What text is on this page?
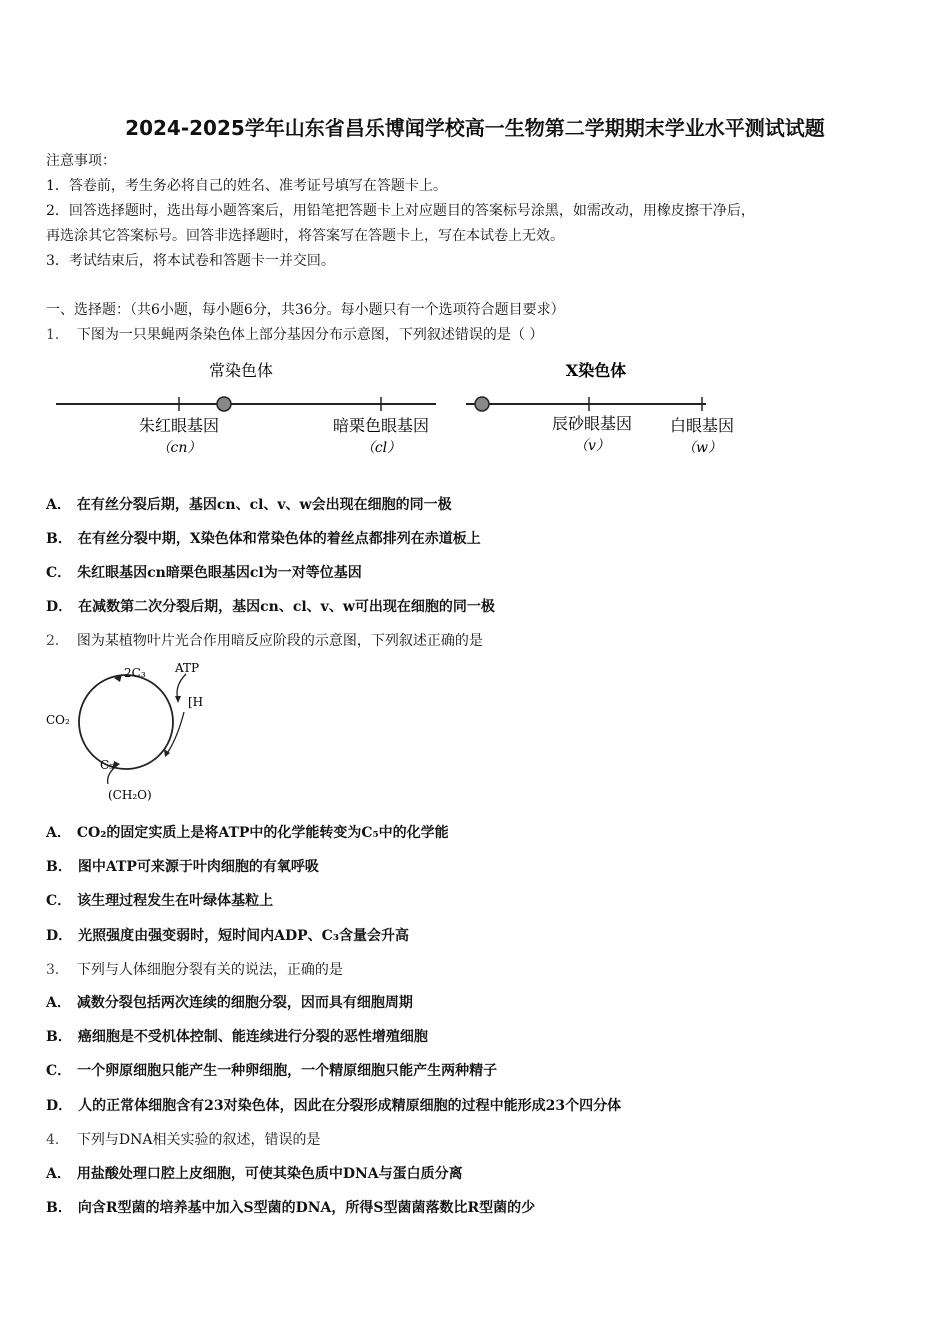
2024-2025学年山东省昌乐博闻学校高一生物第二学期期末学业水平测试试题
注意事项：
1．答卷前，考生务必将自己的姓名、准考证号填写在答题卡上。
2．回答选择题时，选出每小题答案后，用铅笔把答题卡上对应题目的答案标号涂黑，如需改动，用橡皮擦干净后，
再选涂其它答案标号。回答非选择题时，将答案写在答题卡上，写在本试卷上无效。
3．考试结束后，将本试卷和答题卡一并交回。
一、选择题：（共6小题，每小题6分，共36分。每小题只有一个选项符合题目要求）
1． 下图为一只果蝇两条染色体上部分基因分布示意图，下列叙述错误的是（ ）
常染色体	X染色体
朱红眼基因
（cn）
暗栗色眼基因
（cl）
辰砂眼基因
（v）
白眼基因
（w）
A． 在有丝分裂后期，基因cn、cl、v、w会出现在细胞的同一极
B． 在有丝分裂中期，X染色体和常染色体的着丝点都排列在赤道板上
C． 朱红眼基因cn暗栗色眼基因cl为一对等位基因
D． 在减数第二次分裂后期，基因cn、cl、v、w可出现在细胞的同一极
2． 图为某植物叶片光合作用暗反应阶段的示意图，下列叙述正确的是
2C₃ ATP
[H
CO₂
C₅
(CH₂O)
A． CO₂的固定实质上是将ATP中的化学能转变为C₅中的化学能
B． 图中ATP可来源于叶肉细胞的有氧呼吸
C． 该生理过程发生在叶绿体基粒上
D． 光照强度由强变弱时，短时间内ADP、C₃含量会升高
3． 下列与人体细胞分裂有关的说法，正确的是
A． 减数分裂包括两次连续的细胞分裂，因而具有细胞周期
B． 癌细胞是不受机体控制、能连续进行分裂的恶性增殖细胞
C． 一个卵原细胞只能产生一种卵细胞，一个精原细胞只能产生两种精子
D． 人的正常体细胞含有23对染色体，因此在分裂形成精原细胞的过程中能形成23个四分体
4． 下列与DNA相关实验的叙述，错误的是
A． 用盐酸处理口腔上皮细胞，可使其染色质中DNA与蛋白质分离
B． 向含R型菌的培养基中加入S型菌的DNA，所得S型菌菌落数比R型菌的少
